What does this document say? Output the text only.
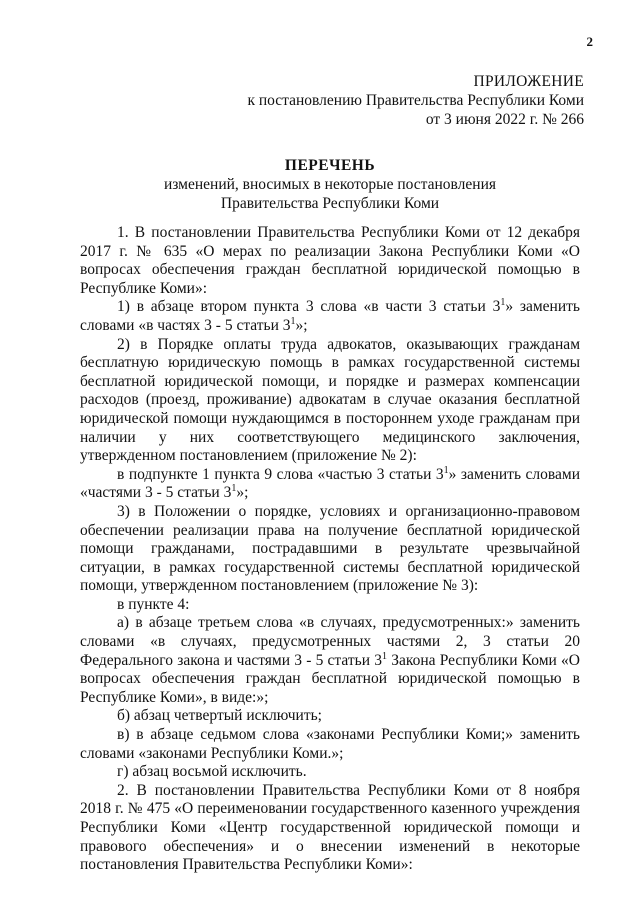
2
ПРИЛОЖЕНИЕ
к постановлению Правительства Республики Коми
от 3 июня 2022 г. № 266
ПЕРЕЧЕНЬ
изменений, вносимых в некоторые постановления
Правительства Республики Коми

1. В постановлении Правительства Республики Коми от 12 декабря 2017 г. № 635 «О мерах по реализации Закона Республики Коми «О вопросах обеспечения граждан бесплатной юридической помощью в Республике Коми»:

1) в абзаце втором пункта 3 слова «в части 3 статьи $3^1$» заменить словами «в частях 3 - 5 статьи $3^1$»;

2) в Порядке оплаты труда адвокатов, оказывающих гражданам бесплатную юридическую помощь в рамках государственной системы бесплатной юридической помощи, и порядке и размерах компенсации расходов (проезд, проживание) адвокатам в случае оказания бесплатной юридической помощи нуждающимся в постороннем уходе гражданам при наличии у них соответствующего медицинского заключения, утвержденном постановлением (приложение № 2):

в подпункте 1 пункта 9 слова «частью 3 статьи $3^1$» заменить словами «частями 3 - 5 статьи $3^1$»;

3) в Положении о порядке, условиях и организационно-правовом обеспечении реализации права на получение бесплатной юридической помощи гражданами, пострадавшими в результате чрезвычайной ситуации, в рамках государственной системы бесплатной юридической помощи, утвержденном постановлением (приложение № 3):

в пункте 4:

а) в абзаце третьем слова «в случаях, предусмотренных:» заменить словами «в случаях, предусмотренных частями 2, 3 статьи 20 Федерального закона и частями 3 - 5 статьи $3^1$ Закона Республики Коми «О вопросах обеспечения граждан бесплатной юридической помощью в Республике Коми», в виде:»;

б) абзац четвертый исключить;

в) в абзаце седьмом слова «законами Республики Коми;» заменить словами «законами Республики Коми.»;

г) абзац восьмой исключить.

2. В постановлении Правительства Республики Коми от 8 ноября 2018 г. № 475 «О переименовании государственного казенного учреждения Республики Коми «Центр государственной юридической помощи и правового обеспечения» и о внесении изменений в некоторые постановления Правительства Республики Коми»:
